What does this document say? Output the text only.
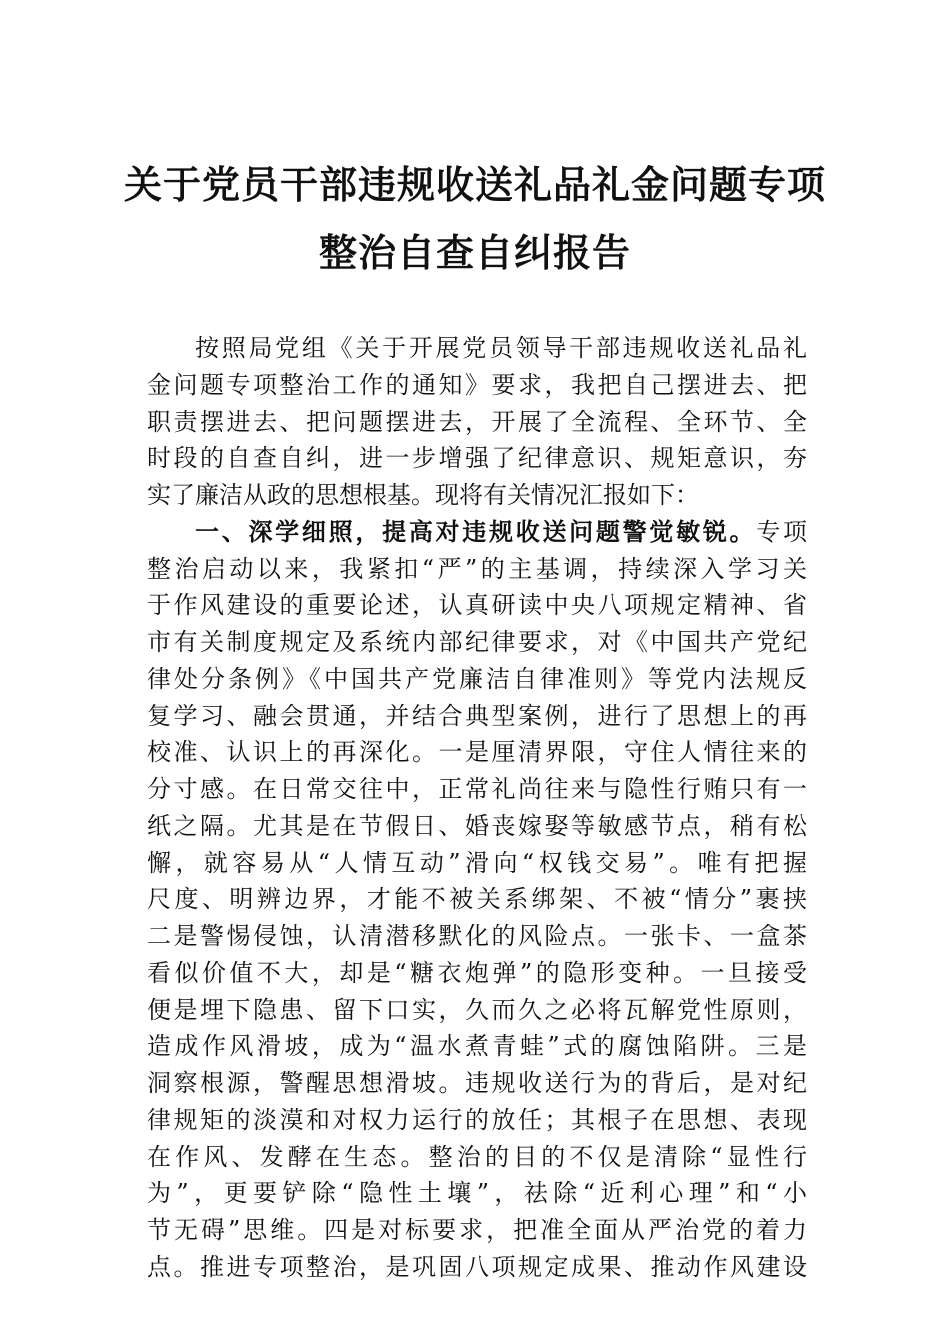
关于党员干部违规收送礼品礼金问题专项
整治自查自纠报告
按照局党组《关于开展党员领导干部违规收送礼品礼
金问题专项整治工作的通知》要求，我把自己摆进去、把
职责摆进去、把问题摆进去，开展了全流程、全环节、全
时段的自查自纠，进一步增强了纪律意识、规矩意识，夯
实了廉洁从政的思想根基。现将有关情况汇报如下：
一、深学细照，提高对违规收送问题警觉敏锐。专项
整治启动以来，我紧扣“严”的主基调，持续深入学习关
于作风建设的重要论述，认真研读中央八项规定精神、省
市有关制度规定及系统内部纪律要求，对《中国共产党纪
律处分条例》《中国共产党廉洁自律准则》等党内法规反
复学习、融会贯通，并结合典型案例，进行了思想上的再
校准、认识上的再深化。一是厘清界限，守住人情往来的
分寸感。在日常交往中，正常礼尚往来与隐性行贿只有一
纸之隔。尤其是在节假日、婚丧嫁娶等敏感节点，稍有松
懈，就容易从“人情互动”滑向“权钱交易”。唯有把握
尺度、明辨边界，才能不被关系绑架、不被“情分”裹挟
二是警惕侵蚀，认清潜移默化的风险点。一张卡、一盒茶
看似价值不大，却是“糖衣炮弹”的隐形变种。一旦接受
便是埋下隐患、留下口实，久而久之必将瓦解党性原则，
造成作风滑坡，成为“温水煮青蛙”式的腐蚀陷阱。三是
洞察根源，警醒思想滑坡。违规收送行为的背后，是对纪
律规矩的淡漠和对权力运行的放任；其根子在思想、表现
在作风、发酵在生态。整治的目的不仅是清除“显性行
为”，更要铲除“隐性土壤”，祛除“近利心理”和“小
节无碍”思维。四是对标要求，把准全面从严治党的着力
点。推进专项整治，是巩固八项规定成果、推动作风建设
